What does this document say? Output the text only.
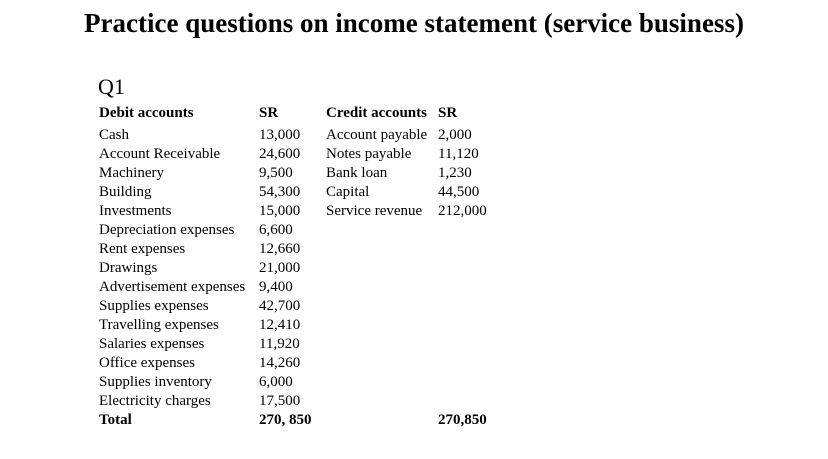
Practice questions on income statement (service business)
Q1
Debit accounts
Cash
Account Receivable
Machinery
Building
Investments
Depreciation expenses
Rent expenses
Drawings
Advertisement expenses
Supplies expenses
Travelling expenses
Salaries expenses
Office expenses
Supplies inventory
Electricity charges
Total
SR
13,000
24,600
9,500
54,300
15,000
6,600
12,660
21,000
9,400
42,700
12,410
11,920
14,260
6,000
17,500
270, 850
Credit accounts
Account payable
Notes payable
Bank loan
Capital
Service revenue
SR
2,000
11,120
1,230
44,500
212,000
270,850
